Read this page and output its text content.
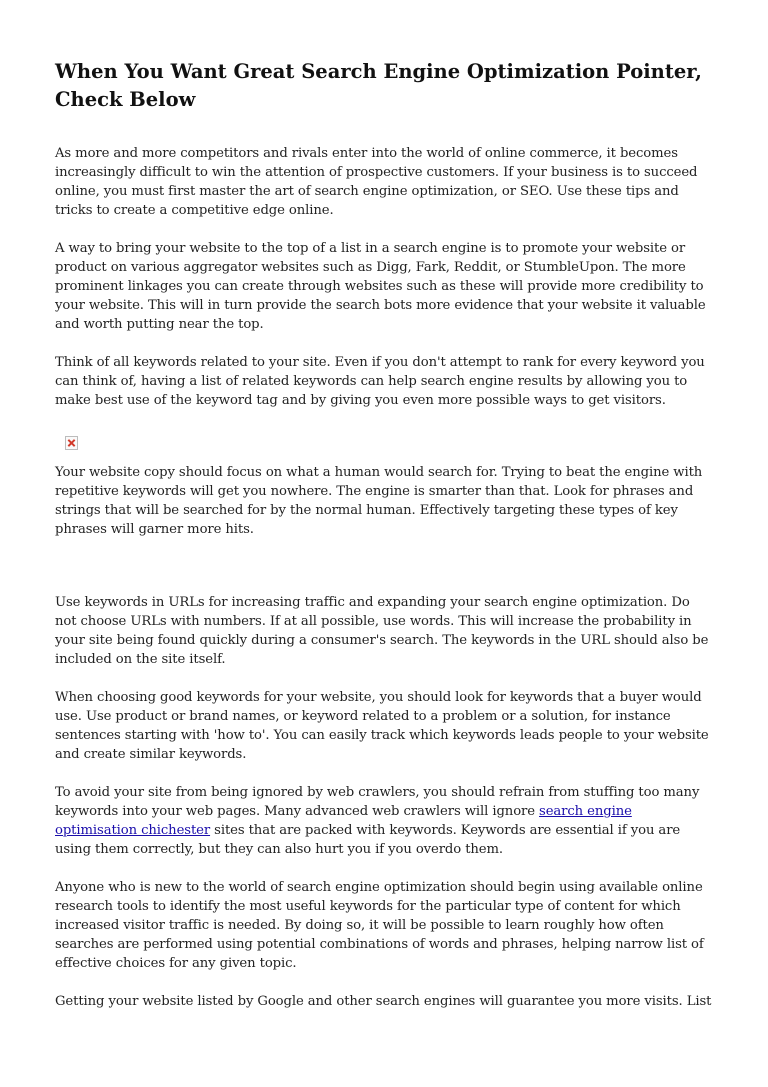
When You Want Great Search Engine Optimization Pointer, Check Below

As more and more competitors and rivals enter into the world of online commerce, it becomes increasingly difficult to win the attention of prospective customers. If your business is to succeed online, you must first master the art of search engine optimization, or SEO. Use these tips and tricks to create a competitive edge online.

A way to bring your website to the top of a list in a search engine is to promote your website or product on various aggregator websites such as Digg, Fark, Reddit, or StumbleUpon. The more prominent linkages you can create through websites such as these will provide more credibility to your website. This will in turn provide the search bots more evidence that your website it valuable and worth putting near the top.

Think of all keywords related to your site. Even if you don't attempt to rank for every keyword you can think of, having a list of related keywords can help search engine results by allowing you to make best use of the keyword tag and by giving you even more possible ways to get visitors.

Your website copy should focus on what a human would search for. Trying to beat the engine with repetitive keywords will get you nowhere. The engine is smarter than that. Look for phrases and strings that will be searched for by the normal human. Effectively targeting these types of key phrases will garner more hits.

Use keywords in URLs for increasing traffic and expanding your search engine optimization. Do not choose URLs with numbers. If at all possible, use words. This will increase the probability in your site being found quickly during a consumer's search. The keywords in the URL should also be included on the site itself.

When choosing good keywords for your website, you should look for keywords that a buyer would use. Use product or brand names, or keyword related to a problem or a solution, for instance sentences starting with 'how to'. You can easily track which keywords leads people to your website and create similar keywords.

To avoid your site from being ignored by web crawlers, you should refrain from stuffing too many keywords into your web pages. Many advanced web crawlers will ignore search engine optimisation chichester sites that are packed with keywords. Keywords are essential if you are using them correctly, but they can also hurt you if you overdo them.

Anyone who is new to the world of search engine optimization should begin using available online research tools to identify the most useful keywords for the particular type of content for which increased visitor traffic is needed. By doing so, it will be possible to learn roughly how often searches are performed using potential combinations of words and phrases, helping narrow list of effective choices for any given topic.

Getting your website listed by Google and other search engines will guarantee you more visits. List
